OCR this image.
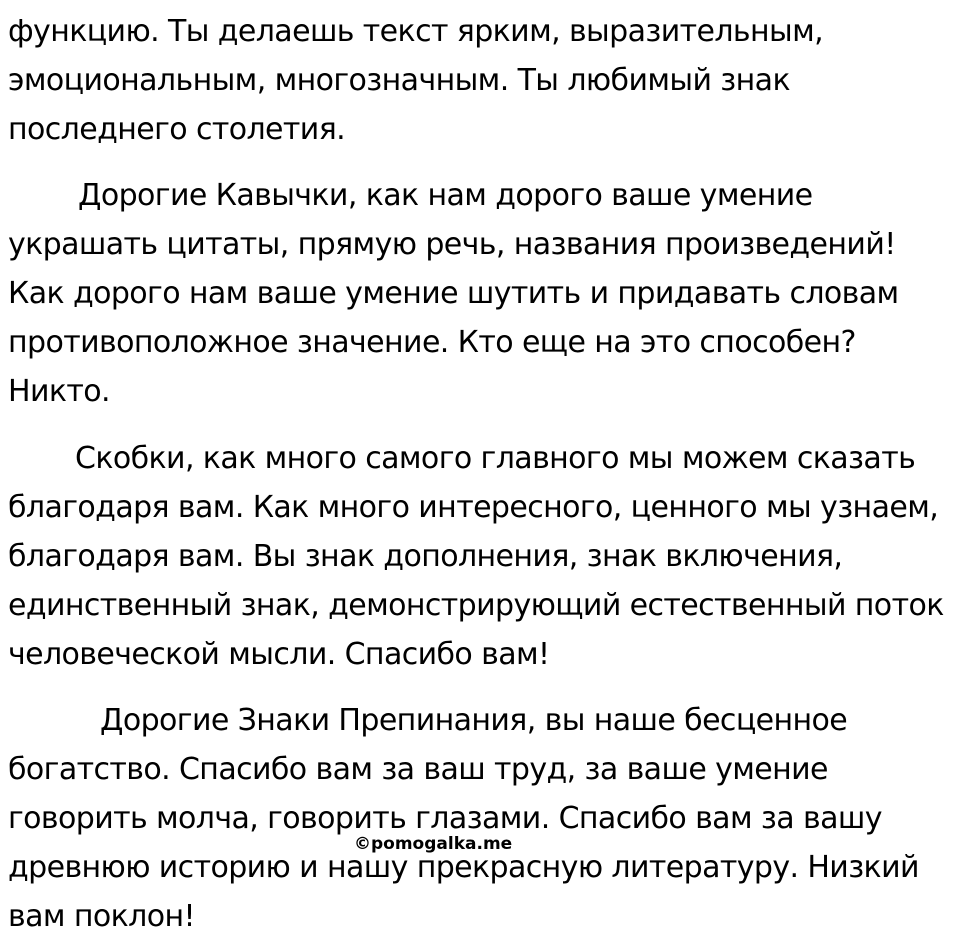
функцию. Ты делаешь текст ярким, выразительным,
эмоциональным, многозначным. Ты любимый знак
последнего столетия.
Дорогие Кавычки, как нам дорого ваше умение
украшать цитаты, прямую речь, названия произведений!
Как дорого нам ваше умение шутить и придавать словам
противоположное значение. Кто еще на это способен?
Никто.
Скобки, как много самого главного мы можем сказать
благодаря вам. Как много интересного, ценного мы узнаем,
благодаря вам. Вы знак дополнения, знак включения,
единственный знак, демонстрирующий естественный поток
человеческой мысли. Спасибо вам!
Дорогие Знаки Препинания, вы наше бесценное
богатство. Спасибо вам за ваш труд, за ваше умение
говорить молча, говорить глазами. Спасибо вам за вашу
древнюю историю и нашу прекрасную литературу. Низкий
вам поклон!
©pomogalka.me
